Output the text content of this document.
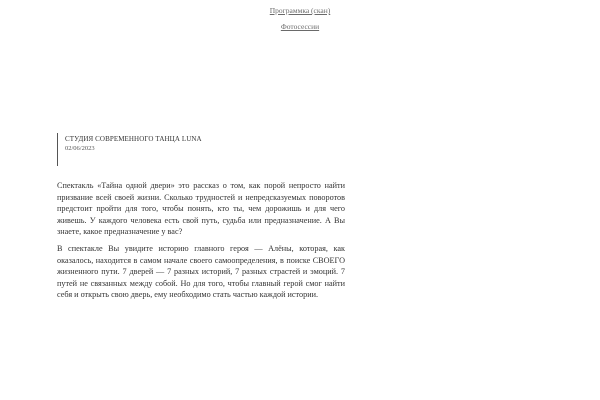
Программка (скан)
Фотосессии
СТУДИЯ СОВРЕМЕННОГО ТАНЦА LUNA
02/06/2023

Спектакль «Тайна одной двери» это рассказ о том, как порой непросто найти призвание всей своей жизни. Сколько трудностей и непредсказуемых поворотов предстоит пройти для того, чтобы понять, кто ты, чем дорожишь и для чего живешь. У каждого человека есть свой путь, судьба или предназначение. А Вы знаете, какое предназначение у вас?

В спектакле Вы увидите историю главного героя — Алёны, которая, как оказалось, находится в самом начале своего самоопределения, в поиске СВОЕГО жизненного пути. 7 дверей — 7 разных историй, 7 разных страстей и эмоций. 7 путей не связанных между собой. Но для того, чтобы главный герой смог найти себя и открыть свою дверь, ему необходимо стать частью каждой истории.
